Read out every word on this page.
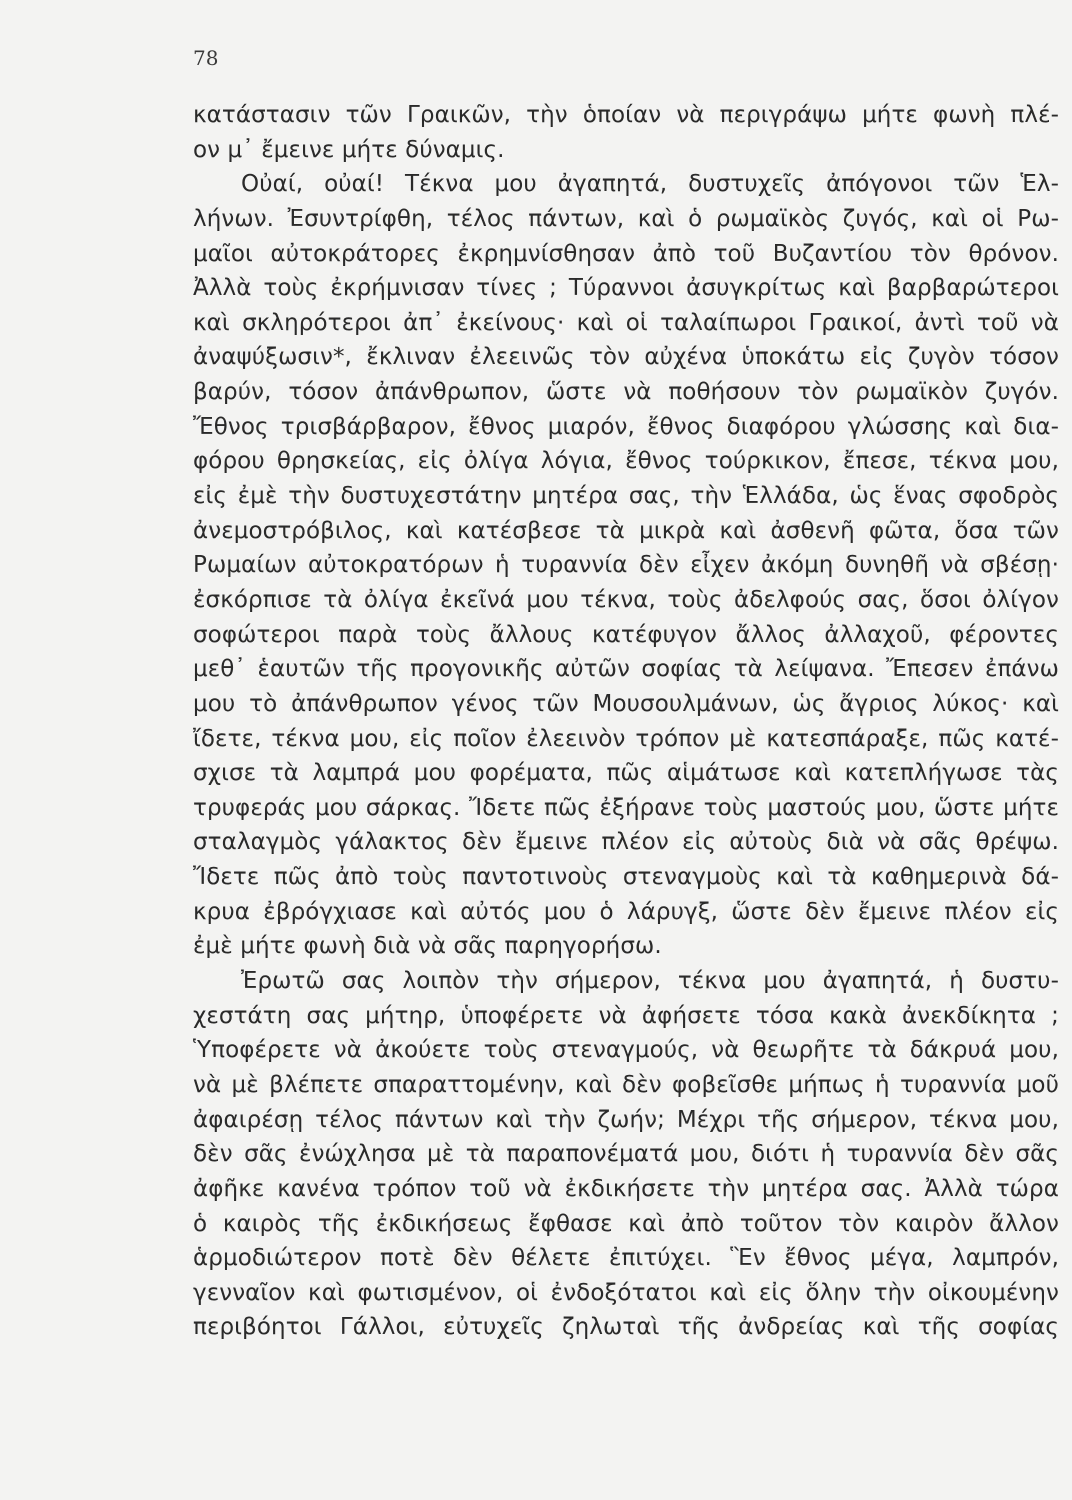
78
κατάστασιν τῶν Γραικῶν, τὴν ὁποίαν νὰ περιγράψω μήτε φωνὴ πλέ-
ον μ᾽ ἔμεινε μήτε δύναμις.
Οὐαί, οὐαί! Τέκνα μου ἀγαπητά, δυστυχεῖς ἀπόγονοι τῶν Ἑλ-
λήνων. Ἐσυντρίφθη, τέλος πάντων, καὶ ὁ ρωμαϊκὸς ζυγός, καὶ οἱ Ρω-
μαῖοι αὐτοκράτορες ἐκρημνίσθησαν ἀπὸ τοῦ Βυζαντίου τὸν θρόνον.
Ἀλλὰ τοὺς ἐκρήμνισαν τίνες ; Τύραννοι ἀσυγκρίτως καὶ βαρβαρώτεροι
καὶ σκληρότεροι ἀπ᾽ ἐκείνους· καὶ οἱ ταλαίπωροι Γραικοί, ἀντὶ τοῦ νὰ
ἀναψύξωσιν*, ἔκλιναν ἐλεεινῶς τὸν αὐχένα ὑποκάτω εἰς ζυγὸν τόσον
βαρύν, τόσον ἀπάνθρωπον, ὥστε νὰ ποθήσουν τὸν ρωμαϊκὸν ζυγόν.
Ἔθνος τρισβάρβαρον, ἔθνος μιαρόν, ἔθνος διαφόρου γλώσσης καὶ δια-
φόρου θρησκείας, εἰς ὀλίγα λόγια, ἔθνος τούρκικον, ἔπεσε, τέκνα μου,
εἰς ἐμὲ τὴν δυστυχεστάτην μητέρα σας, τὴν Ἑλλάδα, ὡς ἕνας σφοδρὸς
ἀνεμοστρόβιλος, καὶ κατέσβεσε τὰ μικρὰ καὶ ἀσθενῆ φῶτα, ὅσα τῶν
Ρωμαίων αὐτοκρατόρων ἡ τυραννία δὲν εἶχεν ἀκόμη δυνηθῆ νὰ σβέσῃ·
ἐσκόρπισε τὰ ὀλίγα ἐκεῖνά μου τέκνα, τοὺς ἀδελφούς σας, ὅσοι ὀλίγον
σοφώτεροι παρὰ τοὺς ἄλλους κατέφυγον ἄλλος ἀλλαχοῦ, φέροντες
μεθ᾽ ἑαυτῶν τῆς προγονικῆς αὐτῶν σοφίας τὰ λείψανα. Ἔπεσεν ἐπάνω
μου τὸ ἀπάνθρωπον γένος τῶν Μουσουλμάνων, ὡς ἄγριος λύκος· καὶ
ἴδετε, τέκνα μου, εἰς ποῖον ἐλεεινὸν τρόπον μὲ κατεσπάραξε, πῶς κατέ-
σχισε τὰ λαμπρά μου φορέματα, πῶς αἱμάτωσε καὶ κατεπλήγωσε τὰς
τρυφεράς μου σάρκας. Ἴδετε πῶς ἐξήρανε τοὺς μαστούς μου, ὥστε μήτε
σταλαγμὸς γάλακτος δὲν ἔμεινε πλέον εἰς αὐτοὺς διὰ νὰ σᾶς θρέψω.
Ἴδετε πῶς ἀπὸ τοὺς παντοτινοὺς στεναγμοὺς καὶ τὰ καθημερινὰ δά-
κρυα ἐβρόγχιασε καὶ αὐτός μου ὁ λάρυγξ, ὥστε δὲν ἔμεινε πλέον εἰς
ἐμὲ μήτε φωνὴ διὰ νὰ σᾶς παρηγορήσω.
Ἐρωτῶ σας λοιπὸν τὴν σήμερον, τέκνα μου ἀγαπητά, ἡ δυστυ-
χεστάτη σας μήτηρ, ὑποφέρετε νὰ ἀφήσετε τόσα κακὰ ἀνεκδίκητα ;
Ὑποφέρετε νὰ ἀκούετε τοὺς στεναγμούς, νὰ θεωρῆτε τὰ δάκρυά μου,
νὰ μὲ βλέπετε σπαραττομένην, καὶ δὲν φοβεῖσθε μήπως ἡ τυραννία μοῦ
ἀφαιρέσῃ τέλος πάντων καὶ τὴν ζωήν; Μέχρι τῆς σήμερον, τέκνα μου,
δὲν σᾶς ἐνώχλησα μὲ τὰ παραπονέματά μου, διότι ἡ τυραννία δὲν σᾶς
ἀφῆκε κανένα τρόπον τοῦ νὰ ἐκδικήσετε τὴν μητέρα σας. Ἀλλὰ τώρα
ὁ καιρὸς τῆς ἐκδικήσεως ἔφθασε καὶ ἀπὸ τοῦτον τὸν καιρὸν ἄλλον
ἁρμοδιώτερον ποτὲ δὲν θέλετε ἐπιτύχει. Ἓν ἔθνος μέγα, λαμπρόν,
γενναῖον καὶ φωτισμένον, οἱ ἐνδοξότατοι καὶ εἰς ὅλην τὴν οἰκουμένην
περιβόητοι Γάλλοι, εὐτυχεῖς ζηλωταὶ τῆς ἀνδρείας καὶ τῆς σοφίας
